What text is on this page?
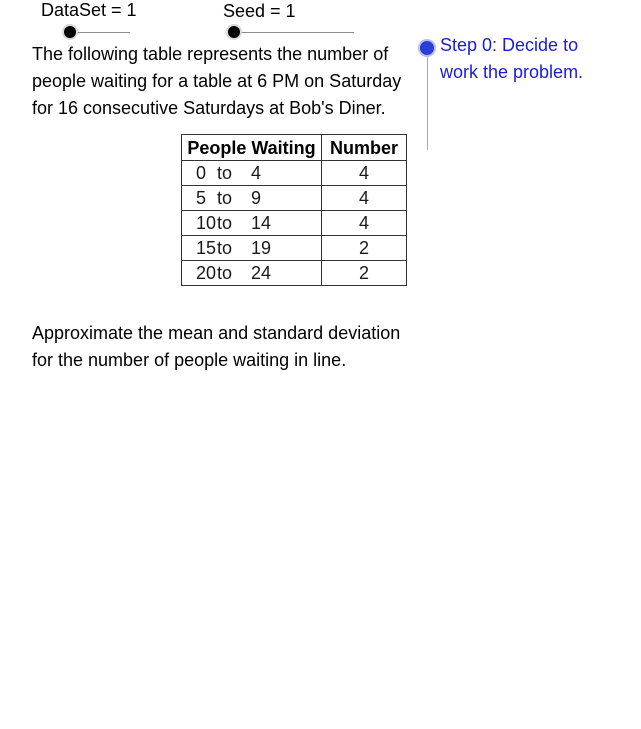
DataSet = 1	Seed = 1

The following table represents the number of people waiting for a table at 6 PM on Saturday for 16 consecutive Saturdays at Bob's Diner.

People Waiting	Number
0 to 4	4
5 to 9	4
10to 14	4
15to 19	2
20to 24	2

Approximate the mean and standard deviation for the number of people waiting in line.

Step 0: Decide to work the problem.
